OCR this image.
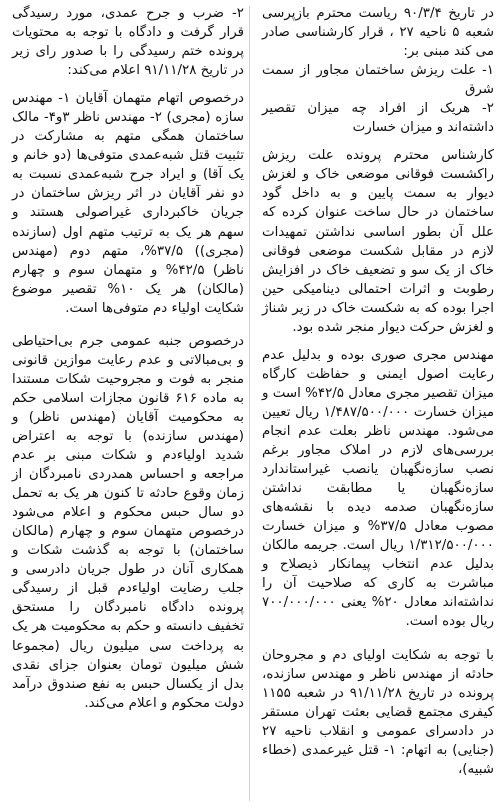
در تاریخ ۹۰/۳/۴ ریاست محترم بازپرسی شعبه ۵ ناحیه ۲۷ ، قرار کارشناسی صادر می کند مبنی بر:

۱- علت ریزش ساختمان مجاور از سمت شرق

۲- هریک از افراد چه میزان تقصیر داشته‌اند و میزان خسارت

کارشناس محترم پرونده علت ریزش راکشست فوقانی موضعی خاک و لغزش دیوار به سمت پایین و به داخل گود ساختمان در حال ساخت عنوان کرده که علل آن بطور اساسی نداشتن تمهیدات لازم در مقابل شکست موضعی فوقانی خاک از یک سو و تضعیف خاک در افزایش رطوبت و اثرات احتمالی دینامیکی حین اجرا بوده که به شکست خاک در زیر شناژ و لغزش حرکت دیوار منجر شده بود.

مهندس مجری صوری بوده و بدلیل عدم رعایت اصول ایمنی و حفاظت کارگاه میزان تقصیر مجری معادل ۴۲/۵% است و میزان خسارت ۱/۴۸۷/۵۰۰/۰۰۰ ریال تعیین می‌شود. مهندس ناظر بعلت عدم انجام بررسی‌های لازم در املاک مجاور برغم نصب سازه‌نگهبان یانصب غیراستاندارد سازه‌نگهبان یا مطابقت نداشتن سازه‌نگهبان صدمه دیده با نقشه‌های مصوب معادل ۳۷/۵% و میزان خسارت ۱/۳۱۲/۵۰۰/۰۰۰ ریال است. جریمه مالکان بدلیل عدم انتخاب پیمانکار ذیصلاح و مباشرت به کاری که صلاحیت آن را نداشته‌اند معادل ۲۰% یعنی ۷۰۰/۰۰۰/۰۰۰ ریال بوده است.

با توجه به شکایت اولیای دم و مجروحان حادثه از مهندس ناظر و مهندس سازنده، پرونده در تاریخ ۹۱/۱۱/۲۸ در شعبه ۱۱۵۵ کیفری مجتمع قضایی بعثت تهران مستقر در دادسرای عمومی و انقلاب ناحیه ۲۷ (جنایی) به اتهام: ۱- قتل غیرعمدی (خطاء شبیه)،

۲- ضرب و جرح عمدی، مورد رسیدگی قرار گرفت و دادگاه با توجه به محتویات پرونده ختم رسیدگی را با صدور رای زیر در تاریخ ۹۱/۱۱/۲۸ اعلام می‌کند:

درخصوص اتهام متهمان آقایان ۱- مهندس سازه (مجری) ۲- مهندس ناظر ۳و۴- مالک ساختمان همگی متهم به مشارکت در تثبیت قتل شبه‌عمدی متوفی‌ها (دو خانم و یک آقا) و ایراد جرح شبه‌عمدی نسبت به دو نفر آقایان در اثر ریزش ساختمان در جریان خاکبرداری غیراصولی هستند و سهم هر یک به ترتیب متهم اول (سازنده (مجری)) ۳۷/۵%، متهم دوم (مهندس ناظر) ۴۲/۵% و متهمان سوم و چهارم (مالکان) هر یک ۱۰% تقصیر موضوع شکایت اولیاء دم متوفی‌ها است.

درخصوص جنبه عمومی جرم بی‌احتیاطی و بی‌مبالاتی و عدم رعایت موازین قانونی منجر به فوت و مجروحیت شکات مستندا به ماده ۶۱۶ قانون مجازات اسلامی حکم به محکومیت آقایان (مهندس ناظر) و (مهندس سازنده) با توجه به اعتراض شدید اولیاءدم و شکات مبنی بر عدم مراجعه و احساس همدردی نامبردگان از زمان وقوع حادثه تا کنون هر یک به تحمل دو سال حبس محکوم و اعلام می‌شود درخصوص متهمان سوم و چهارم (مالکان ساختمان) با توجه به گذشت شکات و همکاری آنان در طول جریان دادرسی و جلب رضایت اولیاءدم قبل از رسیدگی پرونده دادگاه نامبردگان را مستحق تخفیف دانسته و حکم به محکومیت هر یک به پرداخت سی میلیون ریال (مجموعا شش میلیون تومان بعنوان جزای نقدی بدل از یکسال حبس به نفع صندوق درآمد دولت محکوم و اعلام می‌کند.
